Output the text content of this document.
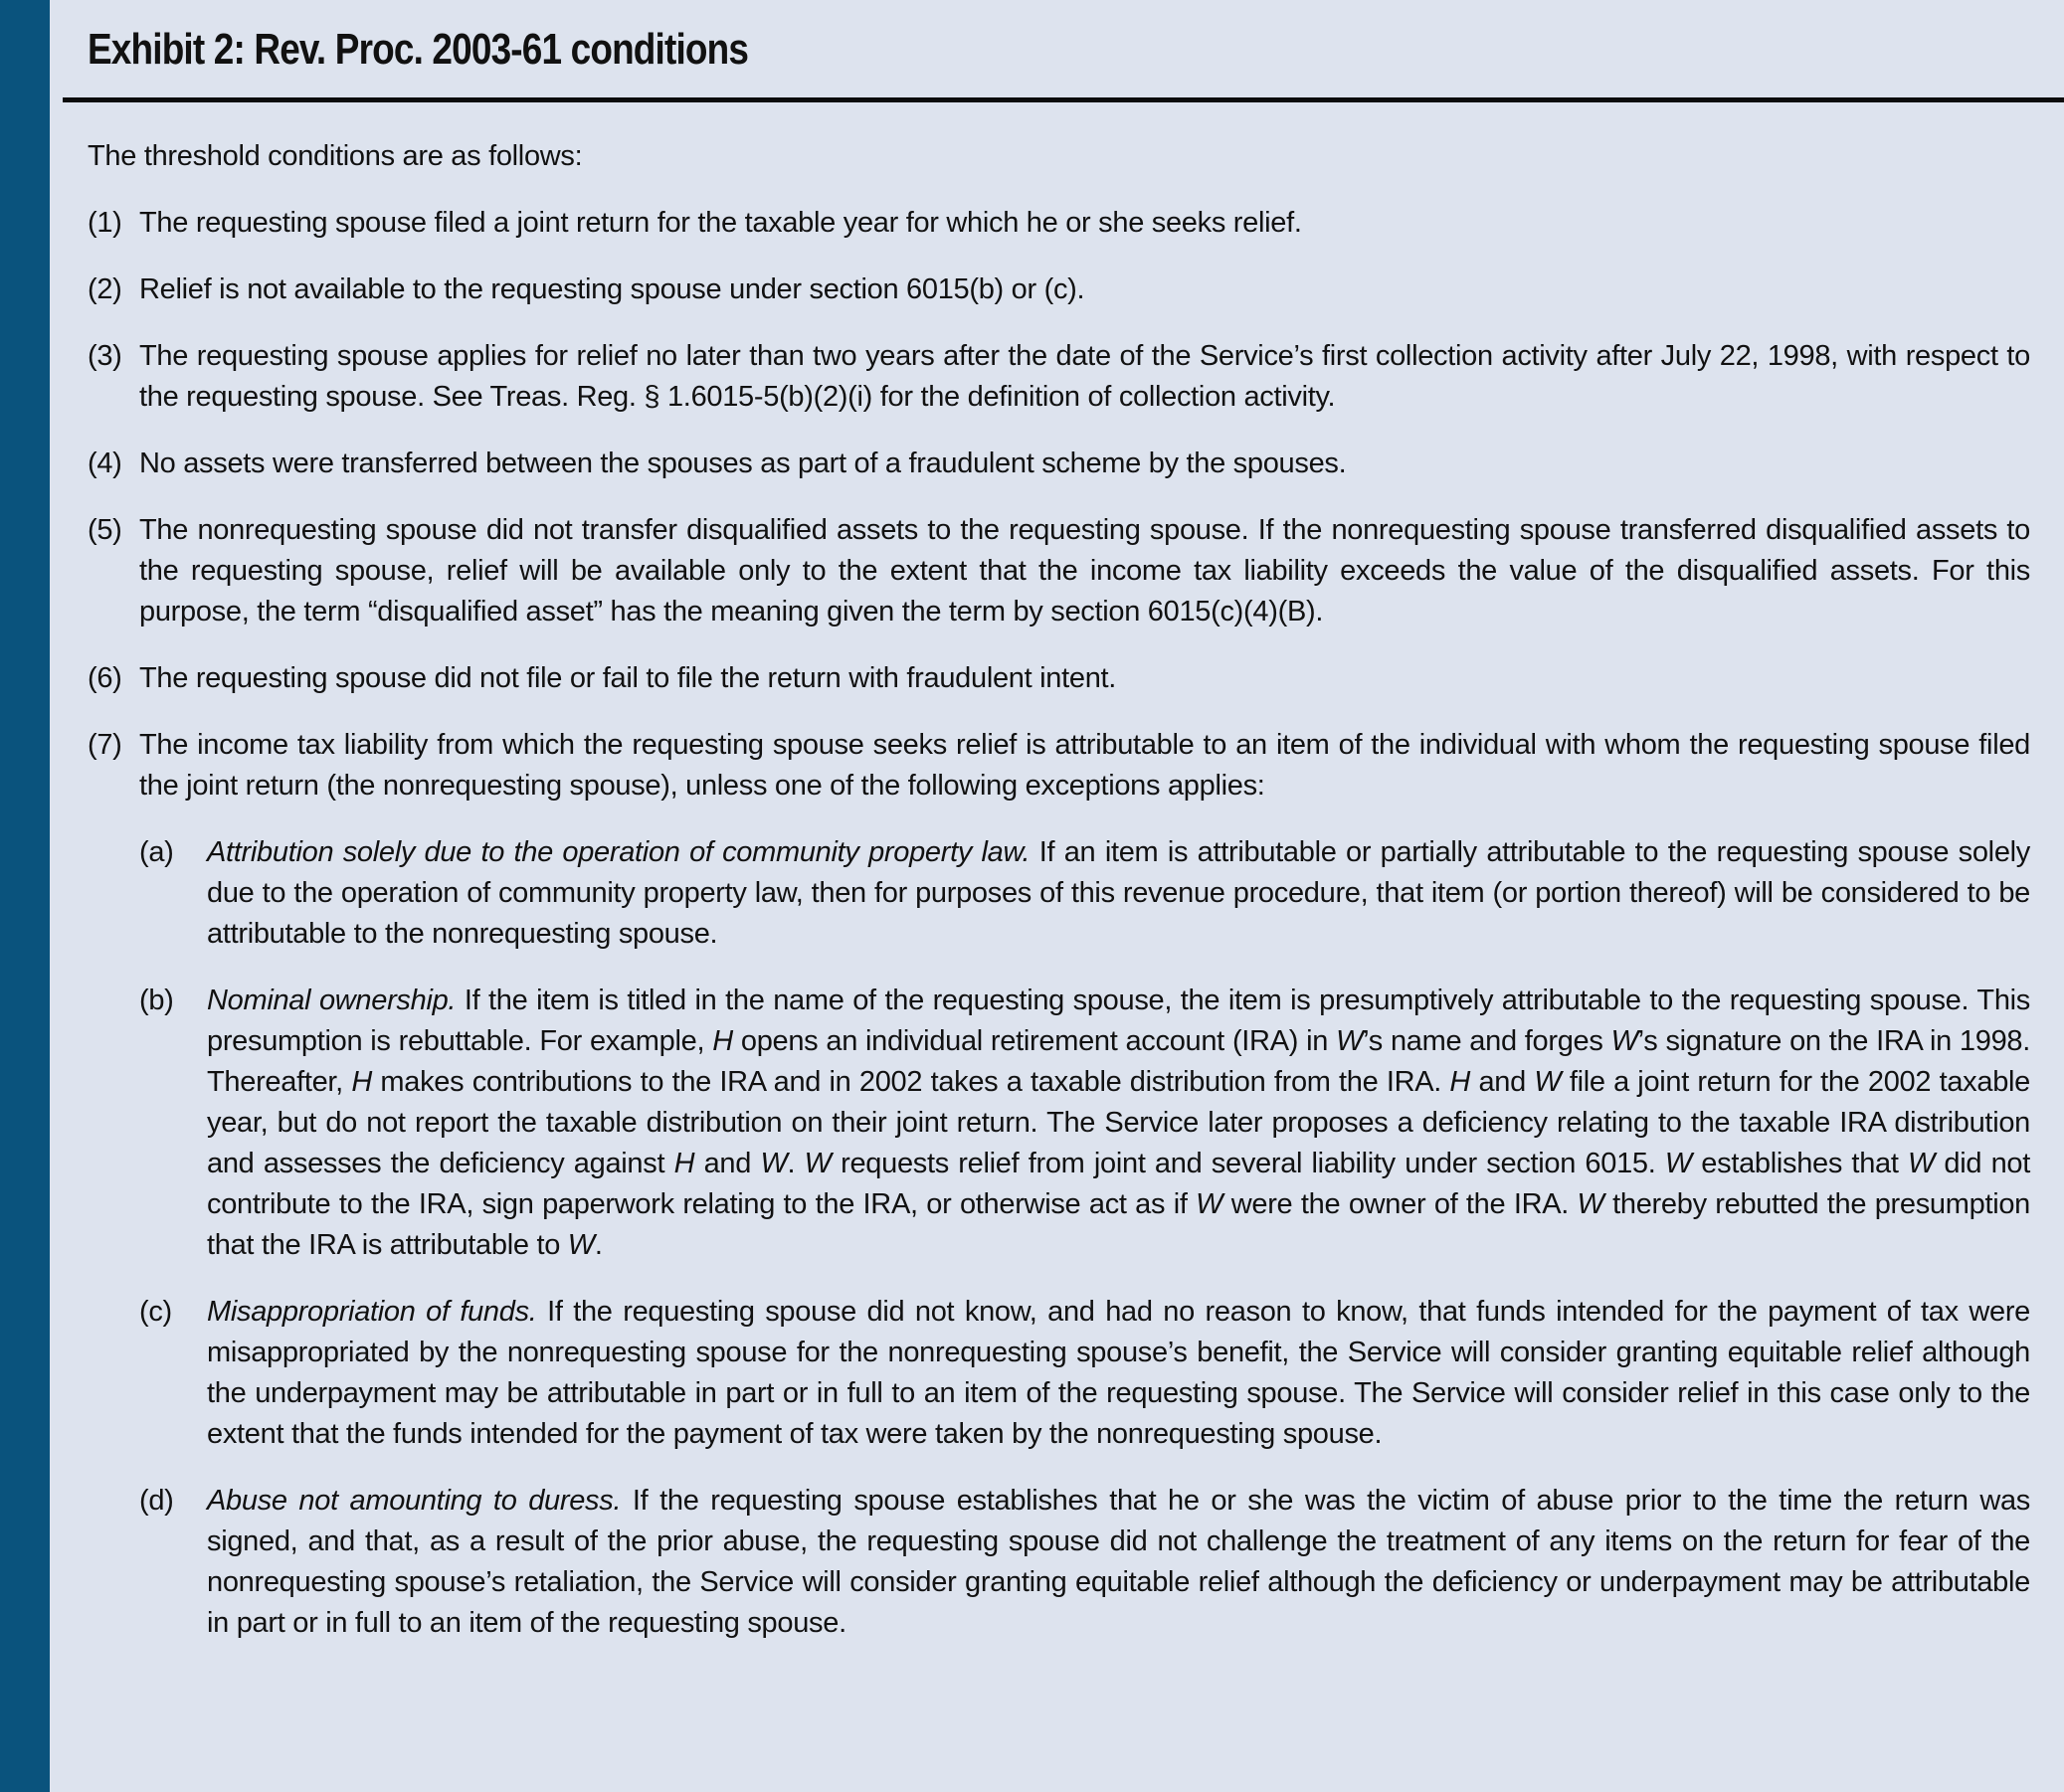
Exhibit 2: Rev. Proc. 2003-61 conditions
The threshold conditions are as follows:
(1) The requesting spouse filed a joint return for the taxable year for which he or she seeks relief.
(2) Relief is not available to the requesting spouse under section 6015(b) or (c).
(3) The requesting spouse applies for relief no later than two years after the date of the Service’s first collection activity after July 22, 1998, with respect to the requesting spouse. See Treas. Reg. § 1.6015-5(b)(2)(i) for the definition of collection activity.
(4) No assets were transferred between the spouses as part of a fraudulent scheme by the spouses.
(5) The nonrequesting spouse did not transfer disqualified assets to the requesting spouse. If the nonrequesting spouse transferred disqualified assets to the requesting spouse, relief will be available only to the extent that the income tax liability exceeds the value of the disqualified assets. For this purpose, the term “disqualified asset” has the meaning given the term by section 6015(c)(4)(B).
(6) The requesting spouse did not file or fail to file the return with fraudulent intent.
(7) The income tax liability from which the requesting spouse seeks relief is attributable to an item of the individual with whom the requesting spouse filed the joint return (the nonrequesting spouse), unless one of the following exceptions applies:
(a)	Attribution solely due to the operation of community property law. If an item is attributable or partially attributable to the requesting spouse solely due to the operation of community property law, then for purposes of this revenue procedure, that item (or portion thereof) will be considered to be attributable to the nonrequesting spouse.
(b)	Nominal ownership. If the item is titled in the name of the requesting spouse, the item is presumptively attributable to the requesting spouse. This presumption is rebuttable. For example, H opens an individual retirement account (IRA) in W’s name and forges W’s signature on the IRA in 1998. Thereafter, H makes contributions to the IRA and in 2002 takes a taxable distribution from the IRA. H and W file a joint return for the 2002 taxable year, but do not report the taxable distribution on their joint return. The Service later proposes a deficiency relating to the taxable IRA distribution and assesses the deficiency against H and W. W requests relief from joint and several liability under section 6015. W establishes that W did not contribute to the IRA, sign paperwork relating to the IRA, or otherwise act as if W were the owner of the IRA. W thereby rebutted the presumption that the IRA is attributable to W.
(c)	Misappropriation of funds. If the requesting spouse did not know, and had no reason to know, that funds intended for the payment of tax were misappropriated by the nonrequesting spouse for the nonrequesting spouse’s benefit, the Service will consider granting equitable relief although the underpayment may be attributable in part or in full to an item of the requesting spouse. The Service will consider relief in this case only to the extent that the funds intended for the payment of tax were taken by the nonrequesting spouse.
(d)	Abuse not amounting to duress. If the requesting spouse establishes that he or she was the victim of abuse prior to the time the return was signed, and that, as a result of the prior abuse, the requesting spouse did not challenge the treatment of any items on the return for fear of the nonrequesting spouse’s retaliation, the Service will consider granting equitable relief although the deficiency or underpayment may be attributable in part or in full to an item of the requesting spouse.
